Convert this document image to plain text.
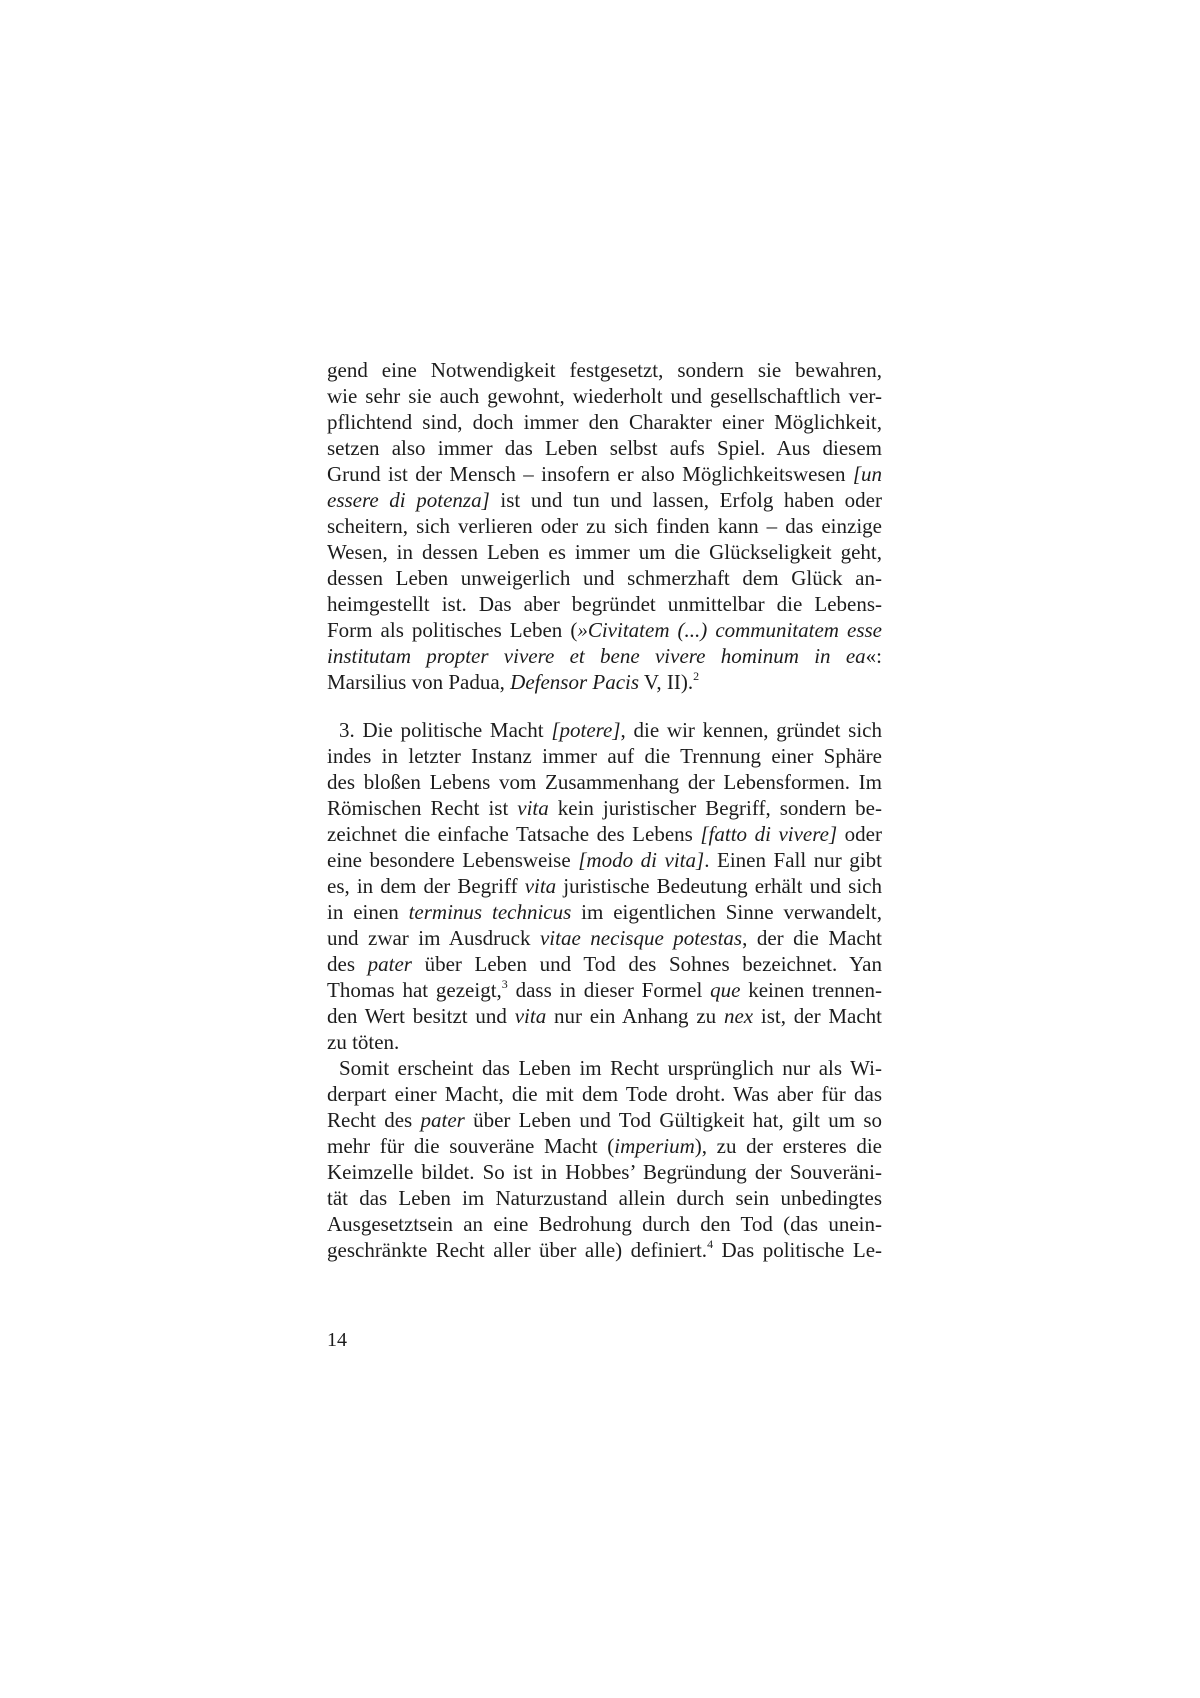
gend eine Notwendigkeit festgesetzt, sondern sie bewahren,
wie sehr sie auch gewohnt, wiederholt und gesellschaftlich ver-
pflichtend sind, doch immer den Charakter einer Möglichkeit,
setzen also immer das Leben selbst aufs Spiel. Aus diesem
Grund ist der Mensch – insofern er also Möglichkeitswesen [un
essere di potenza] ist und tun und lassen, Erfolg haben oder
scheitern, sich verlieren oder zu sich finden kann – das einzige
Wesen, in dessen Leben es immer um die Glückseligkeit geht,
dessen Leben unweigerlich und schmerzhaft dem Glück an-
heimgestellt ist. Das aber begründet unmittelbar die Lebens-
Form als politisches Leben (»Civitatem (...) communitatem esse
institutam propter vivere et bene vivere hominum in ea«:
Marsilius von Padua, Defensor Pacis V, II).$^2$
3. Die politische Macht [potere], die wir kennen, gründet sich
indes in letzter Instanz immer auf die Trennung einer Sphäre
des bloßen Lebens vom Zusammenhang der Lebensformen. Im
Römischen Recht ist vita kein juristischer Begriff, sondern be-
zeichnet die einfache Tatsache des Lebens [fatto di vivere] oder
eine besondere Lebensweise [modo di vita]. Einen Fall nur gibt
es, in dem der Begriff vita juristische Bedeutung erhält und sich
in einen terminus technicus im eigentlichen Sinne verwandelt,
und zwar im Ausdruck vitae necisque potestas, der die Macht
des pater über Leben und Tod des Sohnes bezeichnet. Yan
Thomas hat gezeigt,$^3$ dass in dieser Formel que keinen trennen-
den Wert besitzt und vita nur ein Anhang zu nex ist, der Macht
zu töten.
Somit erscheint das Leben im Recht ursprünglich nur als Wi-
derpart einer Macht, die mit dem Tode droht. Was aber für das
Recht des pater über Leben und Tod Gültigkeit hat, gilt um so
mehr für die souveräne Macht (imperium), zu der ersteres die
Keimzelle bildet. So ist in Hobbes’ Begründung der Souveräni-
tät das Leben im Naturzustand allein durch sein unbedingtes
Ausgesetztsein an eine Bedrohung durch den Tod (das unein-
geschränkte Recht aller über alle) definiert.$^4$ Das politische Le-
14
